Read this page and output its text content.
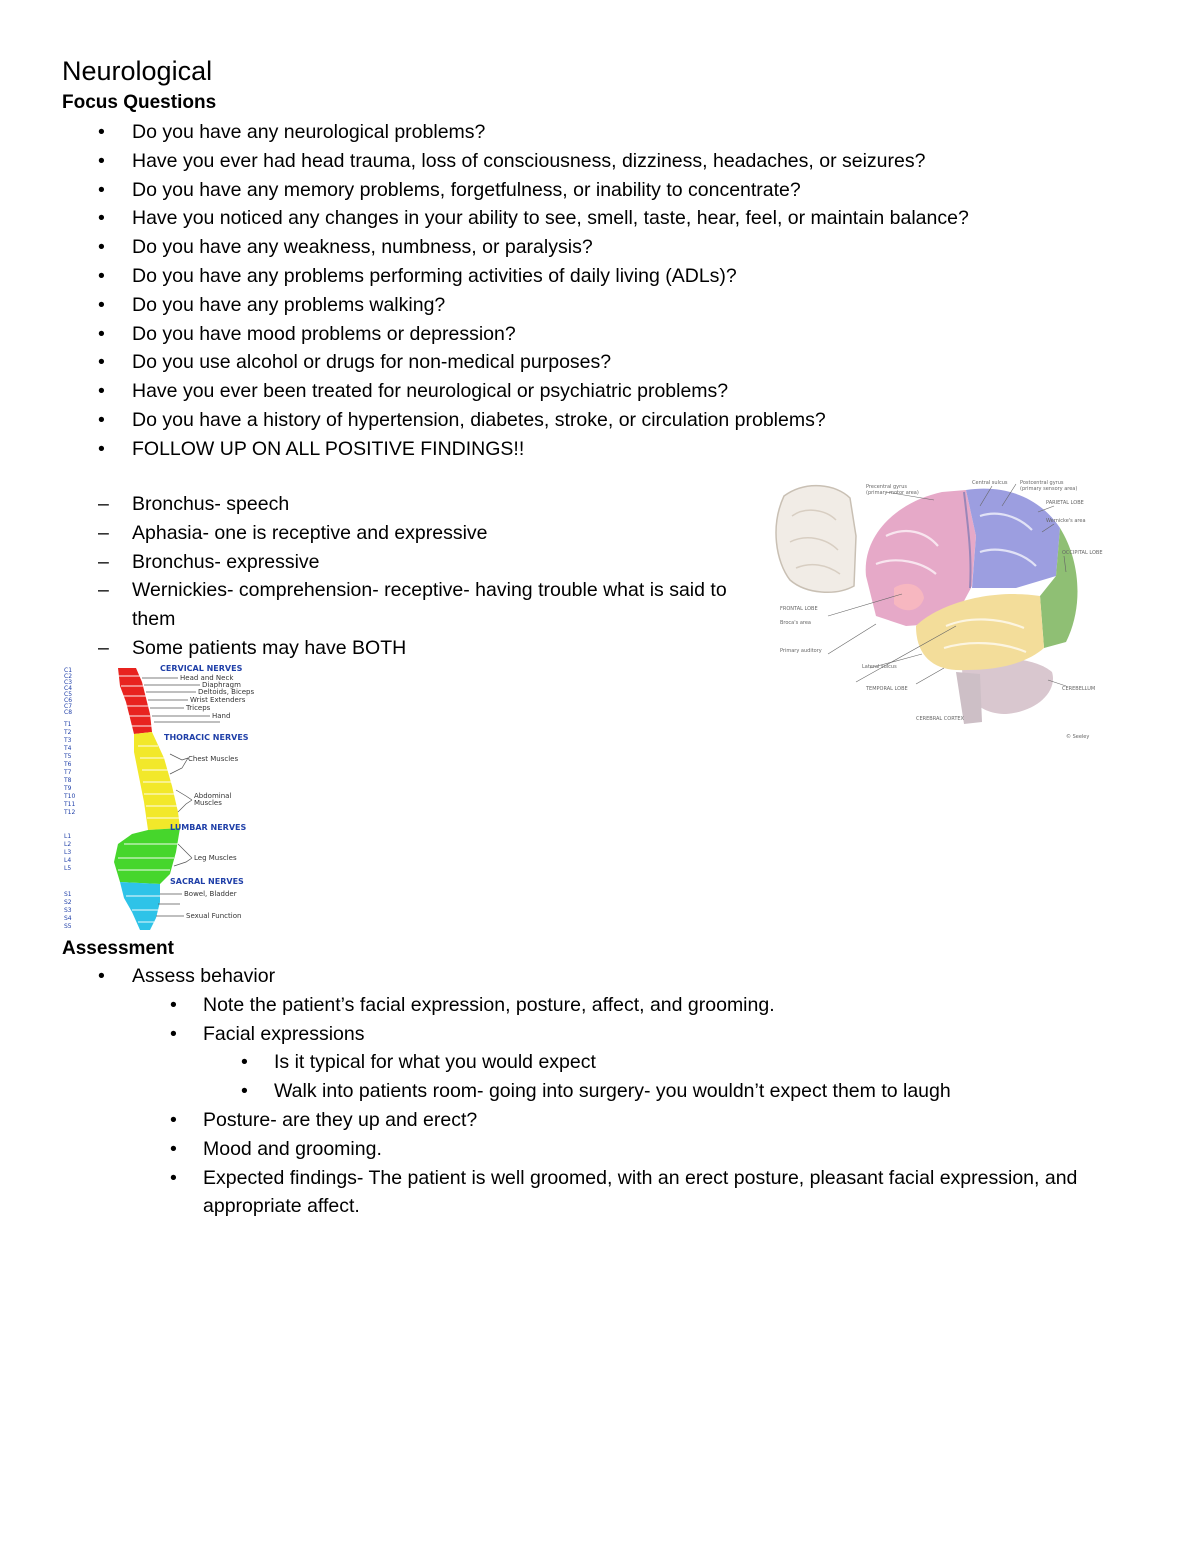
Neurological
Focus Questions
•	Do you have any neurological problems?
•	Have you ever had head trauma, loss of consciousness, dizziness, headaches, or seizures?
•	Do you have any memory problems, forgetfulness, or inability to concentrate?
•	Have you noticed any changes in your ability to see, smell, taste, hear, feel, or maintain balance?
•	Do you have any weakness, numbness, or paralysis?
•	Do you have any problems performing activities of daily living (ADLs)?
•	Do you have any problems walking?
•	Do you have mood problems or depression?
•	Do you use alcohol or drugs for non-medical purposes?
•	Have you ever been treated for neurological or psychiatric problems?
•	Do you have a history of hypertension, diabetes, stroke, or circulation problems?
•	FOLLOW UP ON ALL POSITIVE FINDINGS!!
–	Bronchus- speech
–	Aphasia- one is receptive and expressive
–	Bronchus- expressive
–	Wernickies- comprehension- receptive- having trouble what is said to them
–	Some patients may have BOTH
C1
C2
C3
C4
C5
C6
C7
C8
T1
T2
T3
T4
T5
T6
T7
T8
T9
T10
T11
T12
L1
L2
L3
L4
L5
S1
S2
S3
S4
S5
Head and Neck
Diaphragm
Deltoids, Biceps
Wrist Extenders
Triceps
Hand
Chest Muscles
Abdominal
Muscles
Leg Muscles
Bowel, Bladder
Sexual Function
CERVICAL NERVES
THORACIC NERVES
LUMBAR NERVES
SACRAL NERVES
Precentral gyrus
(primary motor area)
Central sulcus	Postcentral gyrus
(primary sensory area)
PARIETAL LOBE
Wernicke's area
OCCIPITAL LOBE
FRONTAL LOBE
Broca's area
Primary auditory
Lateral sulcus
TEMPORAL LOBE	CEREBELLUM
CEREBRAL CORTEX
© Seeley
Assessment
•	Assess behavior
•	Note the patient’s facial expression, posture, affect, and grooming.
•	Facial expressions
•	Is it typical for what you would expect
•	Walk into patients room- going into surgery- you wouldn’t expect them to laugh
•	Posture- are they up and erect?
•	Mood and grooming.
•	Expected findings- The patient is well groomed, with an erect posture, pleasant facial expression, and appropriate affect.
